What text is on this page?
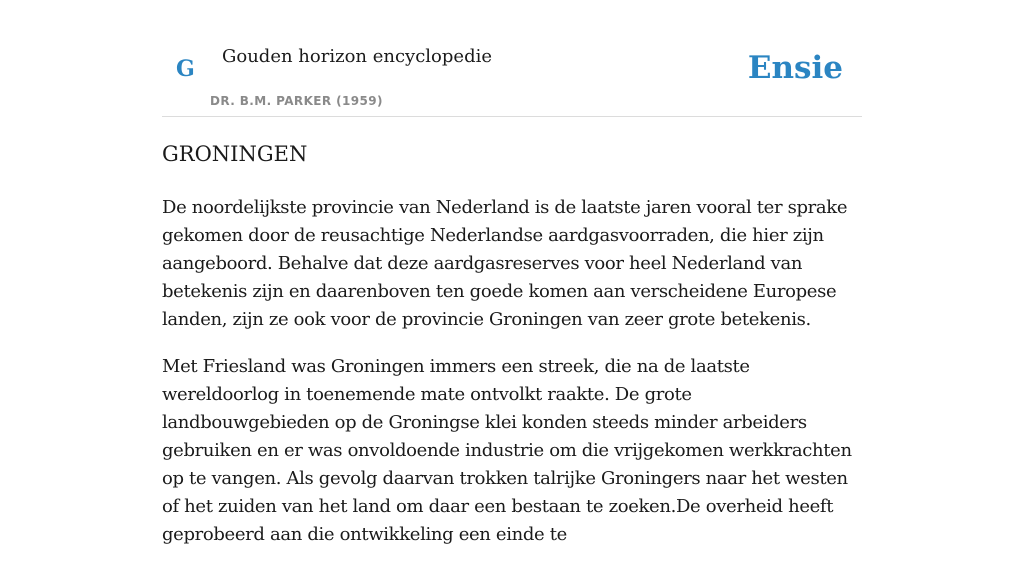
G Gouden horizon encyclopedie
DR. B.M. PARKER (1959)
Ensie
GRONINGEN

De noordelijkste provincie van Nederland is de laatste jaren vooral ter sprake gekomen door de reusachtige Nederlandse aardgasvoorraden, die hier zijn aangeboord. Behalve dat deze aardgasreserves voor heel Nederland van betekenis zijn en daarenboven ten goede komen aan verscheidene Europese landen, zijn ze ook voor de provincie Groningen van zeer grote betekenis.

Met Friesland was Groningen immers een streek, die na de laatste wereldoorlog in toenemende mate ontvolkt raakte. De grote landbouwgebieden op de Groningse klei konden steeds minder arbeiders gebruiken en er was onvoldoende industrie om die vrijgekomen werkkrachten op te vangen. Als gevolg daarvan trokken talrijke Groningers naar het westen of het zuiden van het land om daar een bestaan te zoeken.De overheid heeft geprobeerd aan die ontwikkeling een einde te
